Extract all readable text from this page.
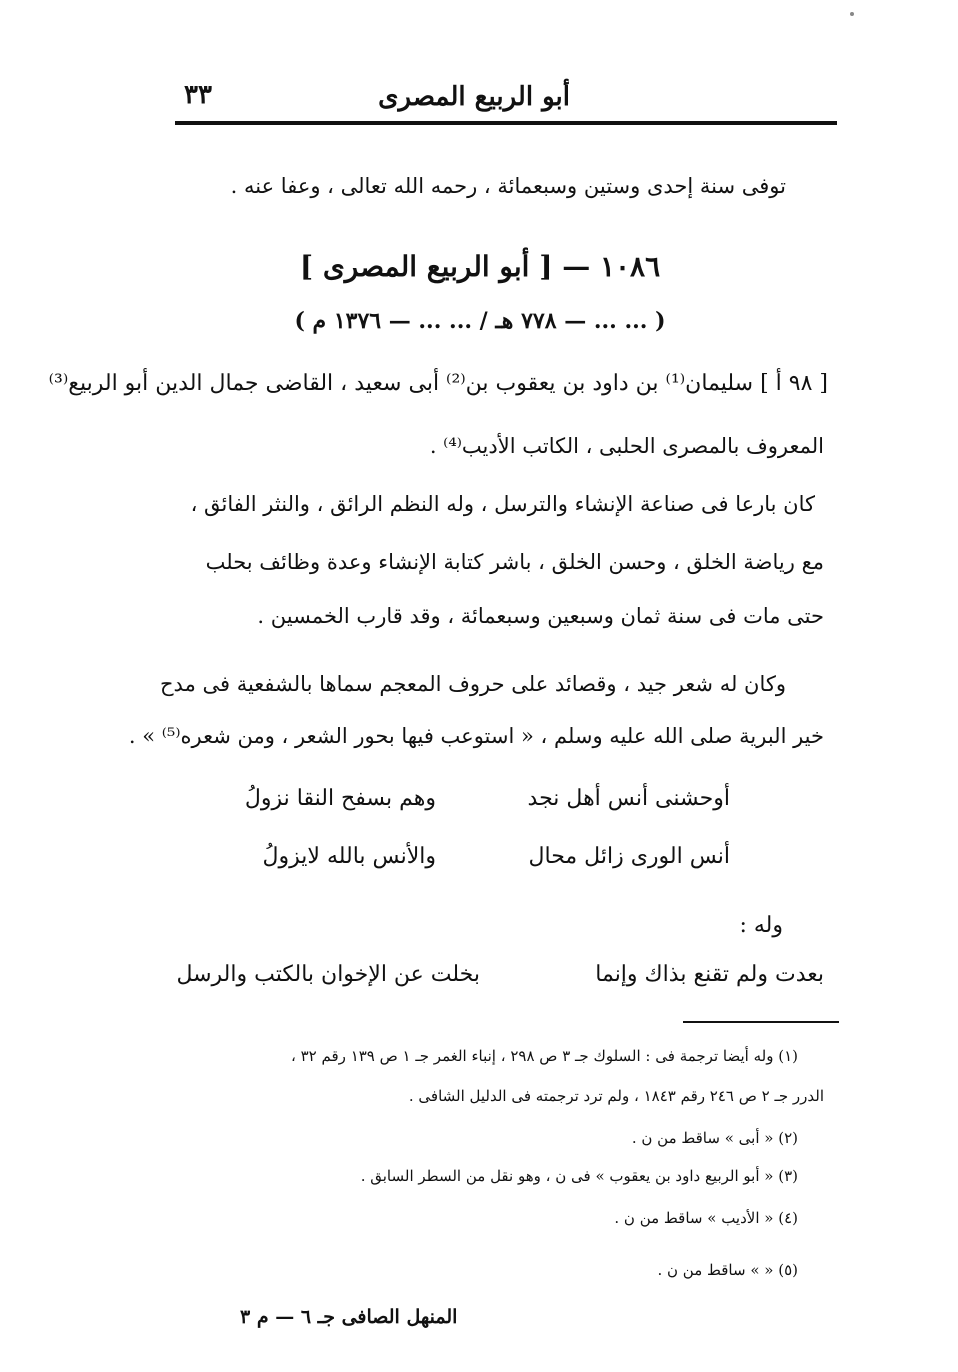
أبو الربيع المصرى
٣٣
توفى سنة إحدى وستين وسبعمائة ، رحمه الله تعالى ، وعفا عنه .
١٠٨٦ — [ أبو الربيع المصرى ]
( ... ... — ٧٧٨ هـ / ... ... — ١٣٧٦ م )
[ ٩٨ أ ] سليمان⁽¹⁾ بن داود بن يعقوب بن⁽²⁾ أبى سعيد ، القاضى جمال الدين أبو الربيع⁽³⁾
المعروف بالمصرى الحلبى ، الكاتب الأديب⁽⁴⁾ .
كان بارعا فى صناعة الإنشاء والترسل ، وله النظم الرائق ، والنثر الفائق ،
مع رياضة الخلق ، وحسن الخلق ، باشر كتابة الإنشاء وعدة وظائف بحلب
حتى مات فى سنة ثمان وسبعين وسبعمائة ، وقد قارب الخمسين .
وكان له شعر جيد ، وقصائد على حروف المعجم سماها بالشفعية فى مدح
خير البرية صلى الله عليه وسلم ، « استوعب فيها بحور الشعر ، ومن شعره⁽⁵⁾ » .
أوحشنى أنس أهل نجد
وهم بسفح النقا نزولُ
أنس الورى زائل محال
والأنس بالله لايزولُ
وله :
بعدت ولم تقنع بذاك وإنما
بخلت عن الإخوان بالكتب والرسل
(١) وله أيضا ترجمة فى : السلوك جـ ٣ ص ٢٩٨ ، إنباء الغمر جـ ١ ص ١٣٩ رقم ٣٢ ،
الدرر جـ ٢ ص ٢٤٦ رقم ١٨٤٣ ، ولم ترد ترجمته فى الدليل الشافى .
(٢) « أبى » ساقط من ن .
(٣) « أبو الربيع داود بن يعقوب » فى ن ، وهو نقل من السطر السابق .
(٤) « الأديب » ساقط من ن .
(٥) « » ساقط من ن .
المنهل الصافى جـ ٦ — م ٣
